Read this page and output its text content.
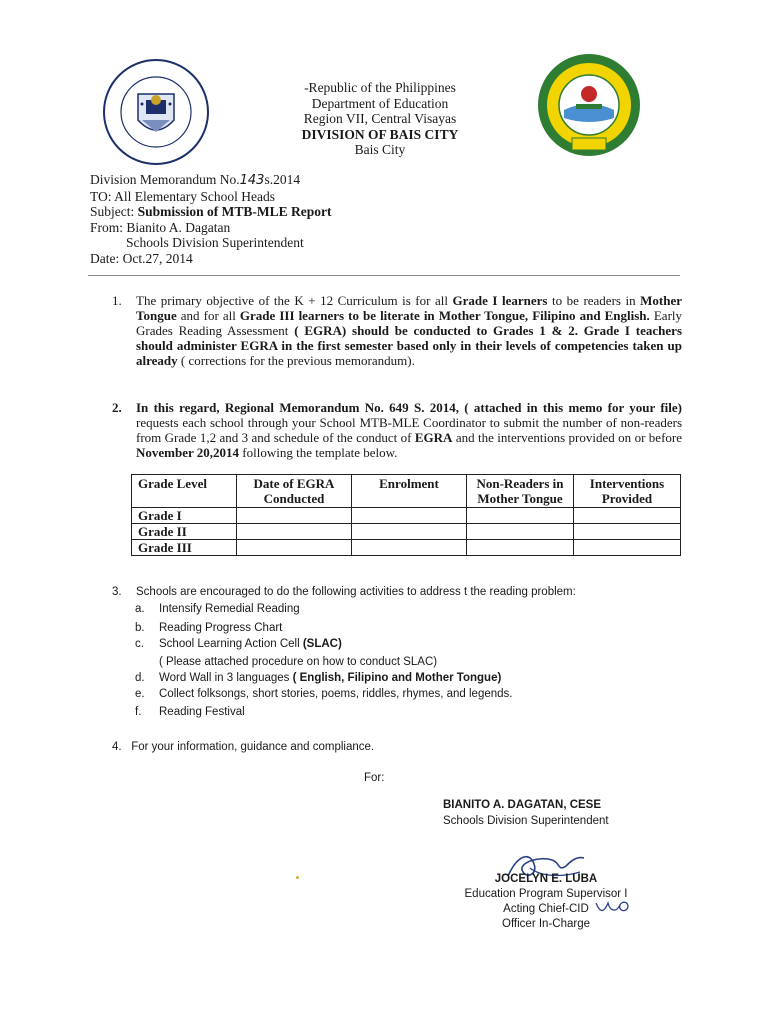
-Republic of the Philippines
Department of Education
Region VII, Central Visayas
DIVISION OF BAIS CITY
Bais City
Division Memorandum No.143s.2014
TO: All Elementary School Heads
Subject: Submission of MTB-MLE Report
From: Bianito A. Dagatan
Schools Division Superintendent
Date: Oct.27, 2014
1. The primary objective of the K + 12 Curriculum is for all Grade I learners to be readers in Mother Tongue and for all Grade III learners to be literate in Mother Tongue, Filipino and English. Early Grades Reading Assessment ( EGRA) should be conducted to Grades 1 & 2. Grade I teachers should administer EGRA in the first semester based only in their levels of competencies taken up already ( corrections for the previous memorandum).
2. In this regard, Regional Memorandum No. 649 S. 2014, ( attached in this memo for your file) requests each school through your School MTB-MLE Coordinator to submit the number of non-readers from Grade 1,2 and 3 and schedule of the conduct of EGRA and the interventions provided on or before November 20,2014 following the template below.
Grade Level	Date of EGRA Conducted	Enrolment	Non-Readers in Mother Tongue	Interventions Provided
Grade I				
Grade II				
Grade III				
3. Schools are encouraged to do the following activities to address t the reading problem:
a. Intensify Remedial Reading
b. Reading Progress Chart
c. School Learning Action Cell (SLAC)
( Please attached procedure on how to conduct SLAC)
d. Word Wall in 3 languages ( English, Filipino and Mother Tongue)
e. Collect folksongs, short stories, poems, riddles, rhymes, and legends.
f. Reading Festival
4. For your information, guidance and compliance.
For:
BIANITO A. DAGATAN, CESE
Schools Division Superintendent
JOCELYN E. LUBA
Education Program Supervisor I
Acting Chief-CID
Officer In-Charge
